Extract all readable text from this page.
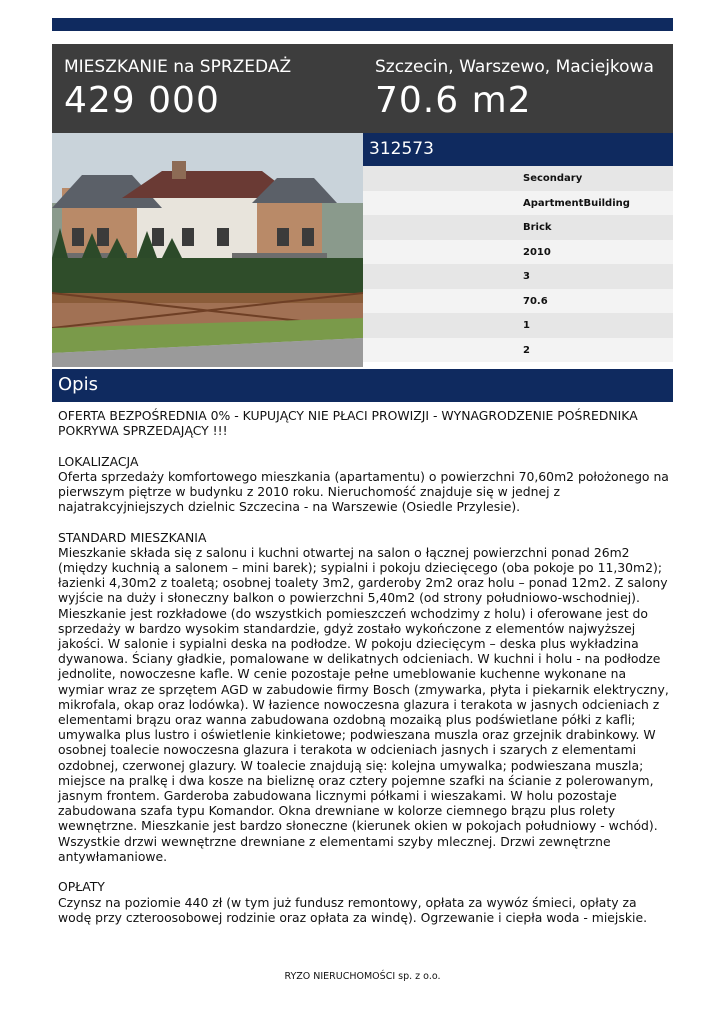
MIESZKANIE na SPRZEDAŻ
429 000
Szczecin, Warszewo, Maciejkowa
70.6 m2
312573
Secondary
ApartmentBuilding
Brick
2010
3
70.6
1
2
Opis
OFERTA BEZPOŚREDNIA 0% - KUPUJĄCY NIE PŁACI PROWIZJI - WYNAGRODZENIE POŚREDNIKA POKRYWA SPRZEDAJĄCY !!!

LOKALIZACJA
Oferta sprzedaży komfortowego mieszkania (apartamentu) o powierzchni 70,60m2 położonego na pierwszym piętrze w budynku z 2010 roku. Nieruchomość znajduje się w jednej z najatrakcyjniejszych dzielnic Szczecina - na Warszewie (Osiedle Przylesie).

STANDARD MIESZKANIA
Mieszkanie składa się z salonu i kuchni otwartej na salon o łącznej powierzchni ponad 26m2 (między kuchnią a salonem – mini barek); sypialni i pokoju dziecięcego (oba pokoje po 11,30m2); łazienki 4,30m2 z toaletą; osobnej toalety 3m2, garderoby 2m2 oraz holu – ponad 12m2. Z salony wyjście na duży i słoneczny balkon o powierzchni 5,40m2 (od strony południowo-wschodniej). Mieszkanie jest rozkładowe (do wszystkich pomieszczeń wchodzimy z holu) i oferowane jest do sprzedaży w bardzo wysokim standardzie, gdyż zostało wykończone z elementów najwyższej jakości. W salonie i sypialni deska na podłodze. W pokoju dziecięcym – deska plus wykładzina dywanowa. Ściany gładkie, pomalowane w delikatnych odcieniach. W kuchni i holu - na podłodze jednolite, nowoczesne kafle. W cenie pozostaje pełne umeblowanie kuchenne wykonane na wymiar wraz ze sprzętem AGD w zabudowie firmy Bosch (zmywarka, płyta i piekarnik elektryczny, mikrofala, okap oraz lodówka). W łazience nowoczesna glazura i terakota w jasnych odcieniach z elementami brązu oraz wanna zabudowana ozdobną mozaiką plus podświetlane półki z kafli; umywalka plus lustro i oświetlenie kinkietowe; podwieszana muszla oraz grzejnik drabinkowy. W osobnej toalecie nowoczesna glazura i terakota w odcieniach jasnych i szarych z elementami ozdobnej, czerwonej glazury. W toalecie znajdują się: kolejna umywalka; podwieszana muszla; miejsce na pralkę i dwa kosze na bieliznę oraz cztery pojemne szafki na ścianie z polerowanym, jasnym frontem. Garderoba zabudowana licznymi półkami i wieszakami. W holu pozostaje zabudowana szafa typu Komandor. Okna drewniane w kolorze ciemnego brązu plus rolety wewnętrzne. Mieszkanie jest bardzo słoneczne (kierunek okien w pokojach południowy - wchód). Wszystkie drzwi wewnętrzne drewniane z elementami szyby mlecznej. Drzwi zewnętrzne antywłamaniowe.

OPŁATY
Czynsz na poziomie 440 zł (w tym już fundusz remontowy, opłata za wywóz śmieci, opłaty za wodę przy czteroosobowej rodzinie oraz opłata za windę). Ogrzewanie i ciepła woda - miejskie.
RYZO NIERUCHOMOŚCI sp. z o.o.
